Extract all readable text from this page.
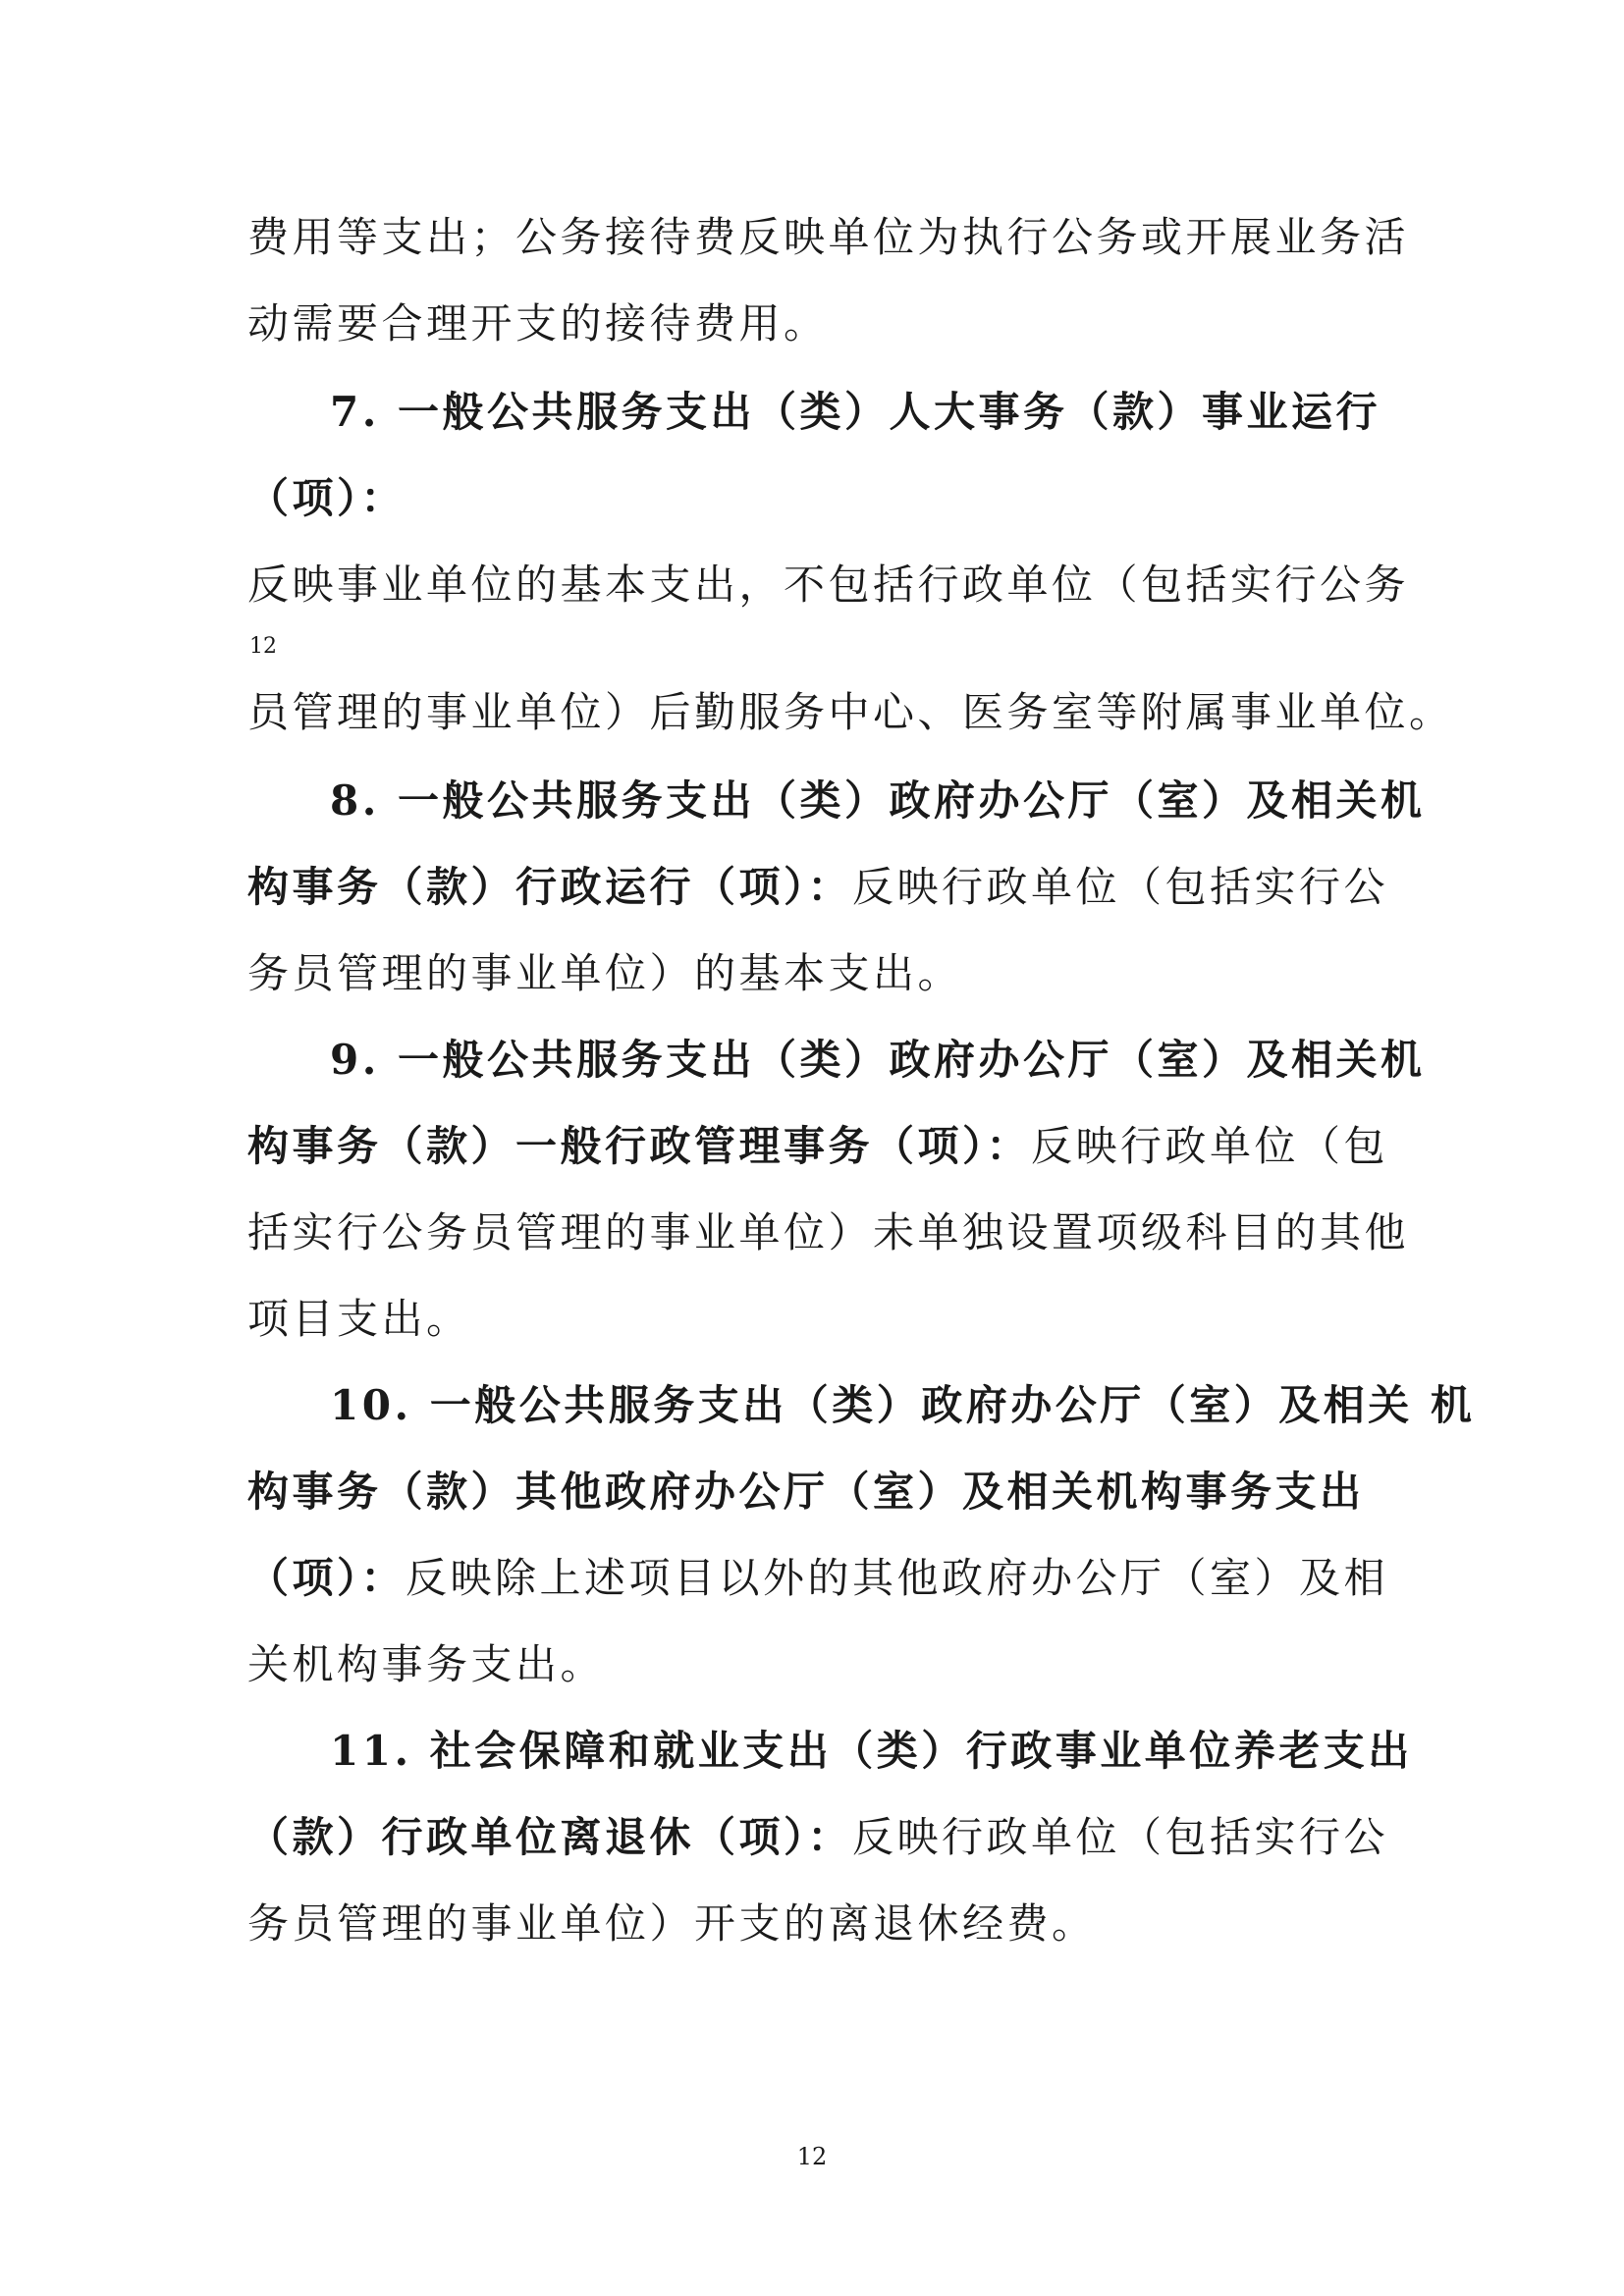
费用等支出；公务接待费反映单位为执行公务或开展业务活
动需要合理开支的接待费用。
7. 一般公共服务支出（类）人大事务（款）事业运行
（项）：
反映事业单位的基本支出，不包括行政单位（包括实行公务
12
员管理的事业单位）后勤服务中心、医务室等附属事业单位。
8. 一般公共服务支出（类）政府办公厅（室）及相关机
构事务（款）行政运行（项）：反映行政单位（包括实行公
务员管理的事业单位）的基本支出。
9. 一般公共服务支出（类）政府办公厅（室）及相关机
构事务（款）一般行政管理事务（项）：反映行政单位（包
括实行公务员管理的事业单位）未单独设置项级科目的其他
项目支出。
10. 一般公共服务支出（类）政府办公厅（室）及相关 机
构事务（款）其他政府办公厅（室）及相关机构事务支出
（项）：反映除上述项目以外的其他政府办公厅（室）及相
关机构事务支出。
11. 社会保障和就业支出（类）行政事业单位养老支出
（款）行政单位离退休（项）：反映行政单位（包括实行公
务员管理的事业单位）开支的离退休经费。
12
